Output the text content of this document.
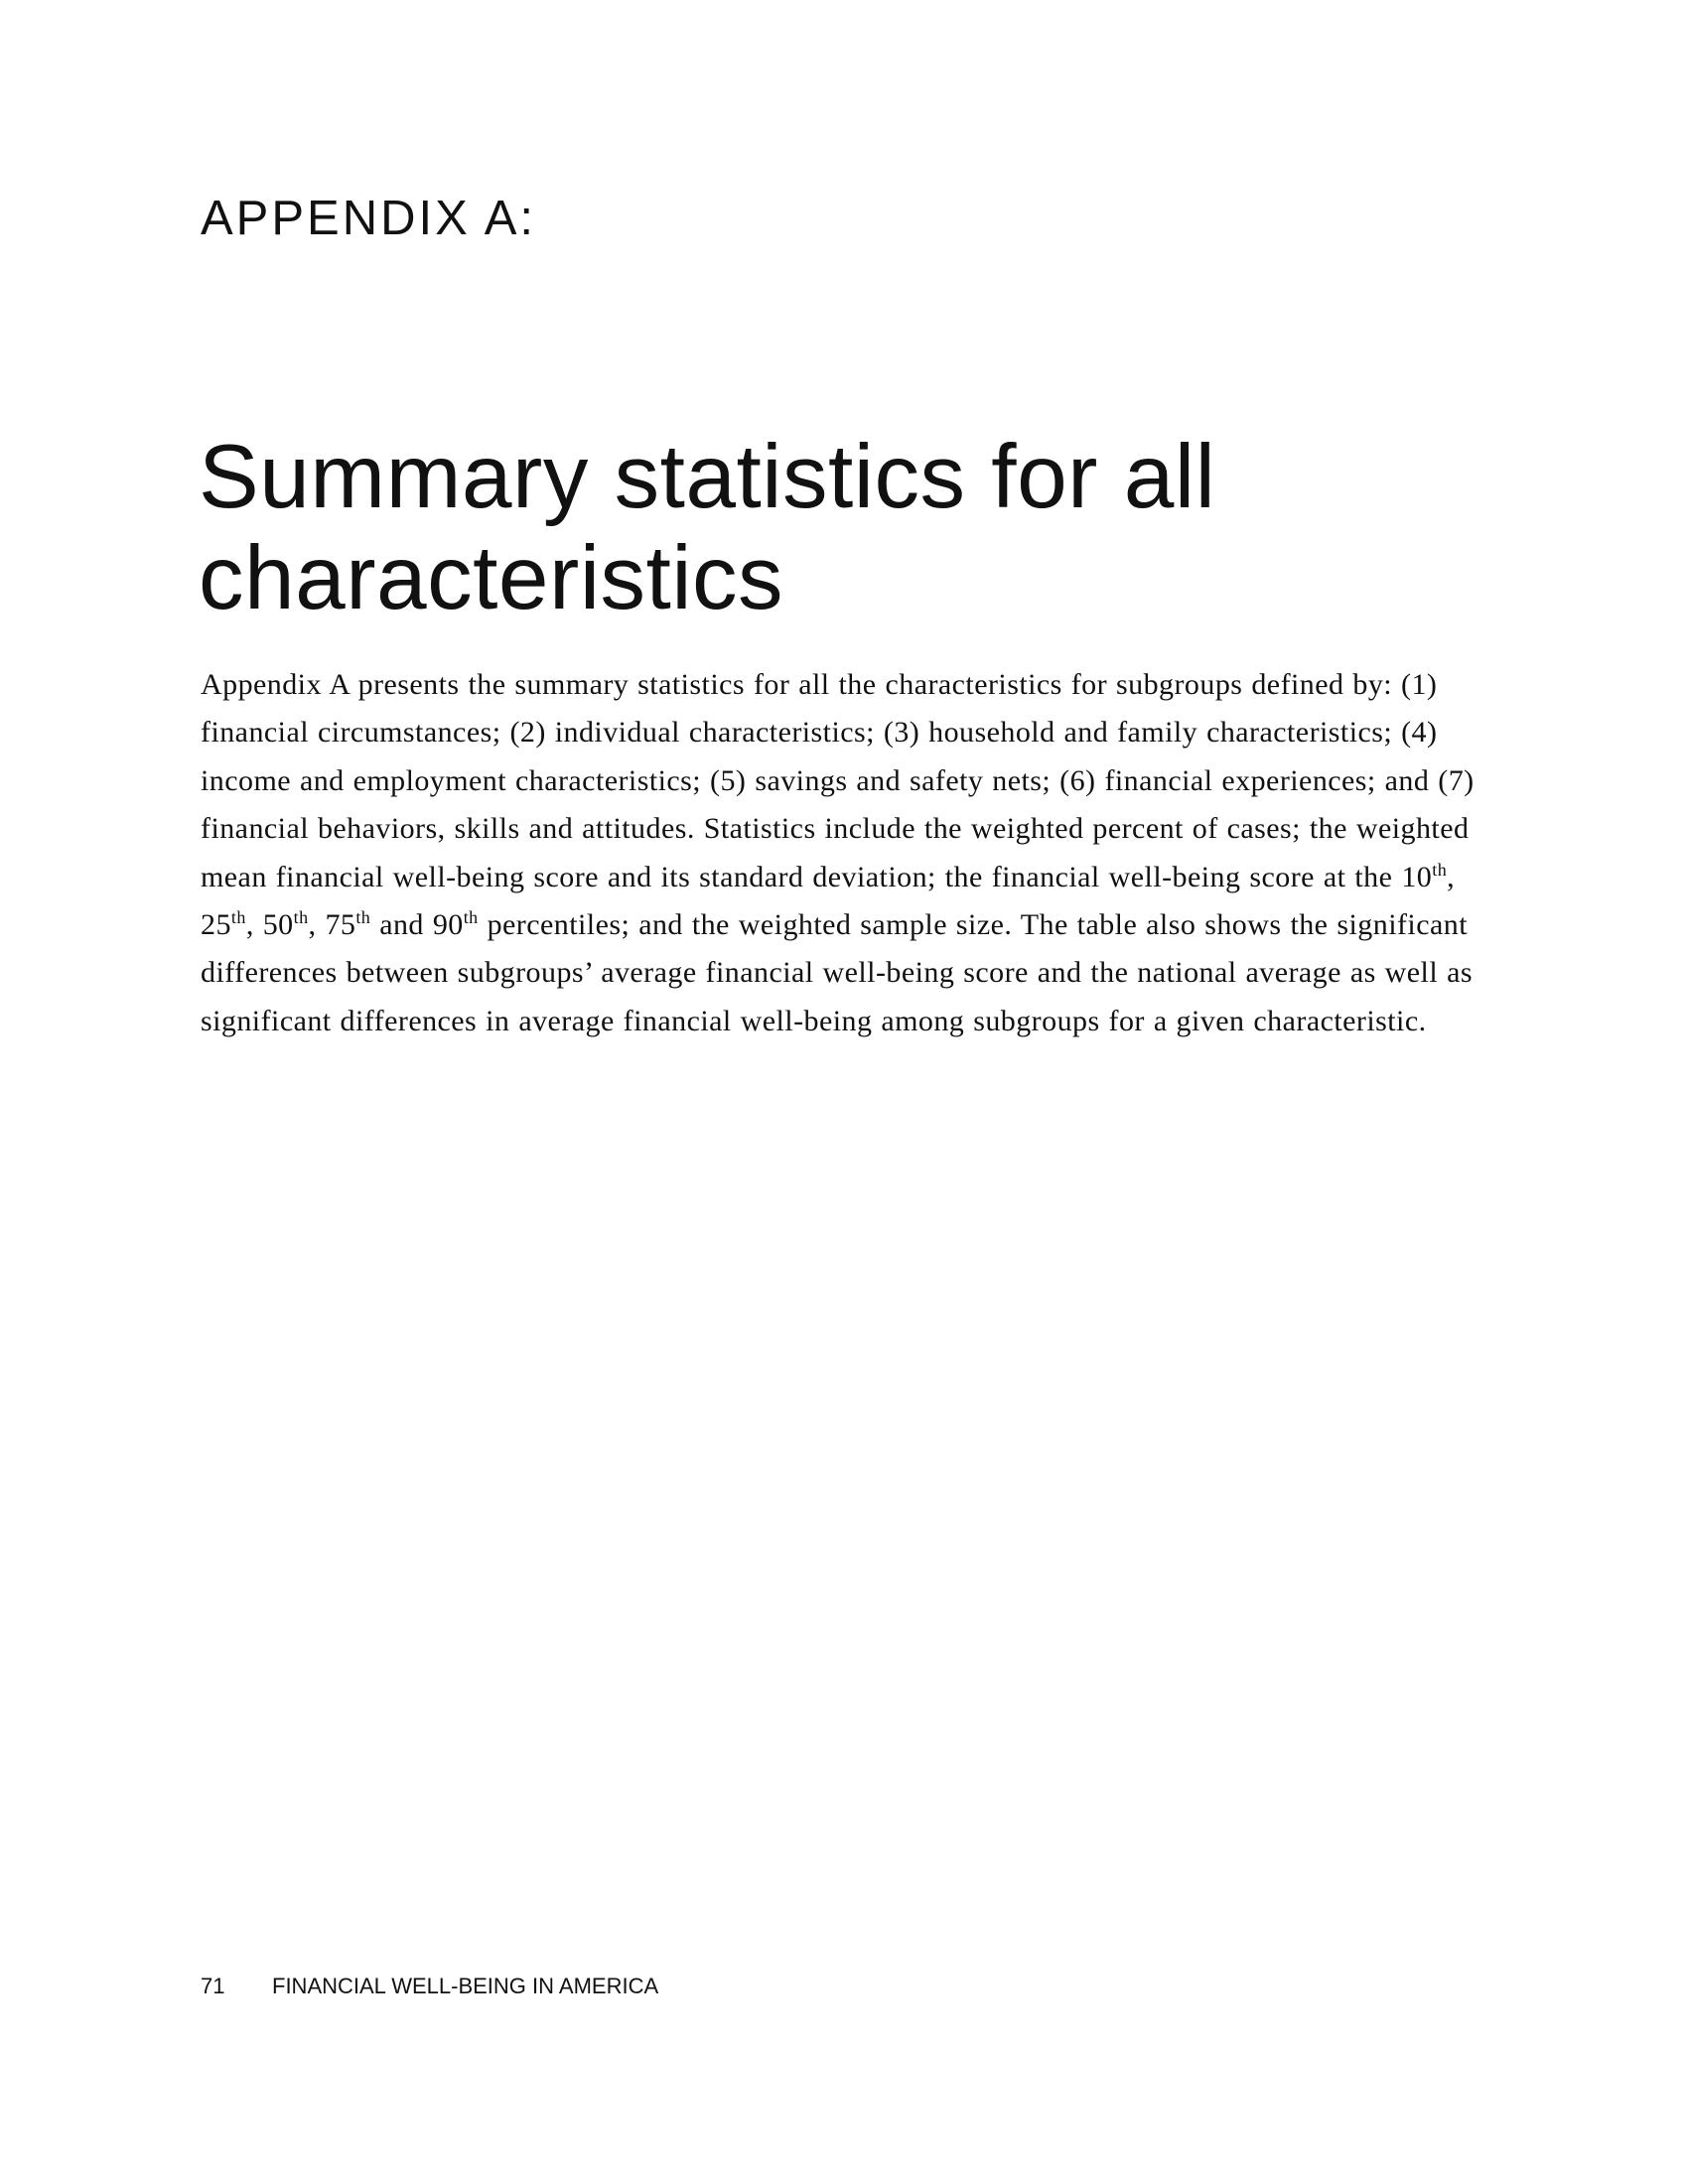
APPENDIX A:
Summary statistics for all characteristics

Appendix A presents the summary statistics for all the characteristics for subgroups defined by: (1) financial circumstances; (2) individual characteristics; (3) household and family characteristics; (4) income and employment characteristics; (5) savings and safety nets; (6) financial experiences; and (7) financial behaviors, skills and attitudes. Statistics include the weighted percent of cases; the weighted mean financial well-being score and its standard deviation; the financial well-being score at the 10th, 25th, 50th, 75th and 90th percentiles; and the weighted sample size. The table also shows the significant differences between subgroups’ average financial well-being score and the national average as well as significant differences in average financial well-being among subgroups for a given characteristic.

71 FINANCIAL WELL-BEING IN AMERICA
